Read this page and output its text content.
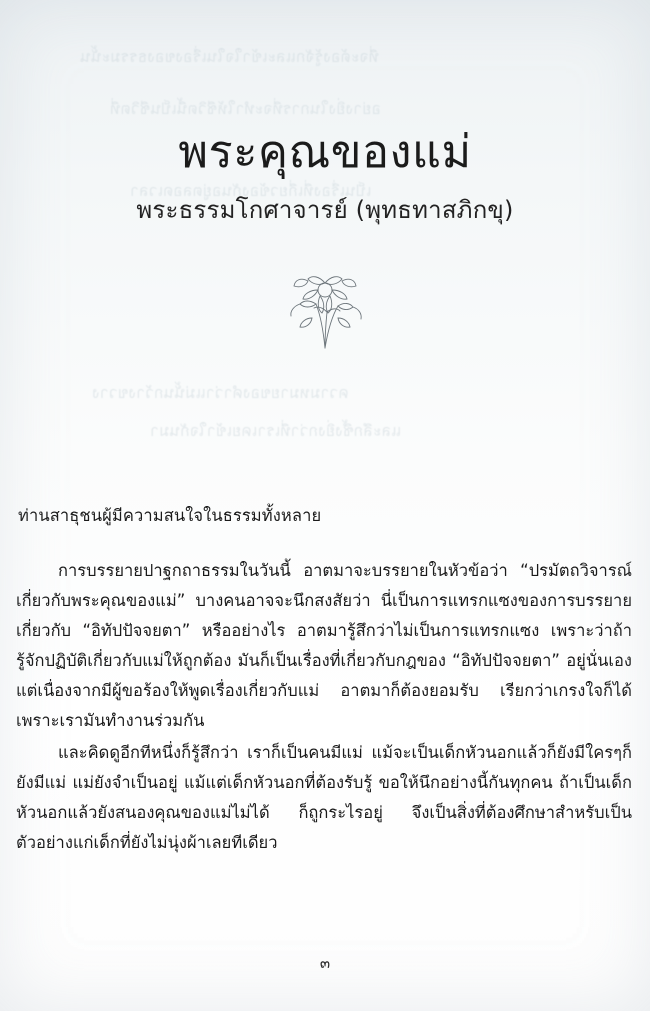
ที่จะต้องรู้จักและเข้าใจในเรื่องของธรรมะนั้น
อย่างยิ่งในการที่จะทำให้ชีวิตนี้เป็นชีวิตที่
เป็นเรื่องที่เกี่ยวข้องกันอยู่ตลอดเวลา
ความหมายของคำว่าแม่นั้นกว้างขวาง
และลึกซึ้งยิ่งกว่าที่เราเคยเข้าใจกันมา
พระคุณของแม่
พระธรรมโกศาจารย์ (พุทธทาสภิกขุ)
ท่านสาธุชนผู้มีความสนใจในธรรมทั้งหลาย

การบรรยายปาฐกถาธรรมในวันนี้ อาตมาจะบรรยายในหัวข้อว่า “ปรมัตถวิจารณ์เกี่ยวกับพระคุณของแม่” บางคนอาจจะนึกสงสัยว่า นี่เป็นการแทรกแซงของการบรรยายเกี่ยวกับ “อิทัปปัจจยตา” หรืออย่างไร อาตมารู้สึกว่าไม่เป็นการแทรกแซง เพราะว่าถ้ารู้จักปฏิบัติเกี่ยวกับแม่ให้ถูกต้อง มันก็เป็นเรื่องที่เกี่ยวกับกฎของ “อิทัปปัจจยตา” อยู่นั่นเอง แต่เนื่องจากมีผู้ขอร้องให้พูดเรื่องเกี่ยวกับแม่ อาตมาก็ต้องยอมรับ เรียกว่าเกรงใจก็ได้ เพราะเรามันทำงานร่วมกัน

และคิดดูอีกทีหนึ่งก็รู้สึกว่า เราก็เป็นคนมีแม่ แม้จะเป็นเด็กหัวนอกแล้วก็ยังมีใครๆก็ยังมีแม่ แม่ยังจำเป็นอยู่ แม้แต่เด็กหัวนอกที่ต้องรับรู้ ขอให้นึกอย่างนี้กันทุกคน ถ้าเป็นเด็กหัวนอกแล้วยังสนองคุณของแม่ไม่ได้ ก็ถูกระไรอยู่ จึงเป็นสิ่งที่ต้องศึกษาสำหรับเป็นตัวอย่างแก่เด็กที่ยังไม่นุ่งผ้าเลยทีเดียว

๓
